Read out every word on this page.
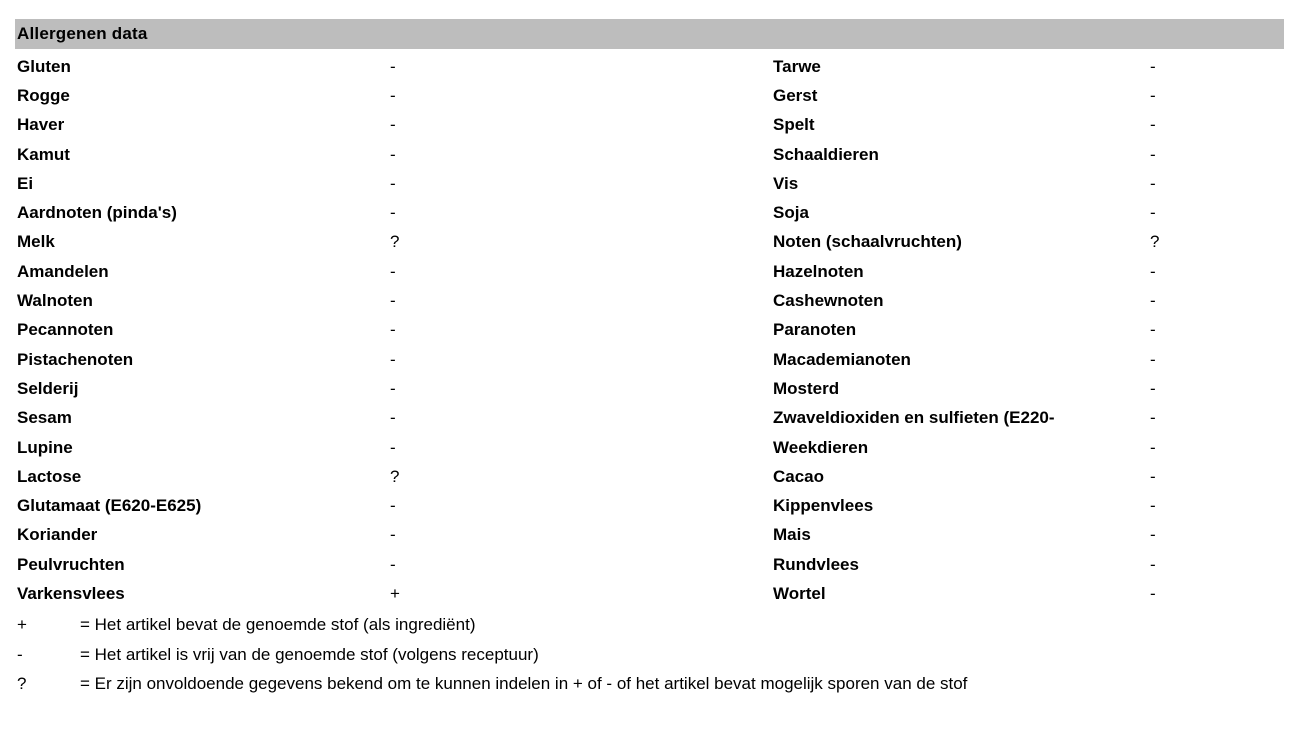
Allergenen data
Gluten	-	Tarwe	-
Rogge	-	Gerst	-
Haver	-	Spelt	-
Kamut	-	Schaaldieren	-
Ei	-	Vis	-
Aardnoten (pinda's)	-	Soja	-
Melk	?	Noten (schaalvruchten)	?
Amandelen	-	Hazelnoten	-
Walnoten	-	Cashewnoten	-
Pecannoten	-	Paranoten	-
Pistachenoten	-	Macademianoten	-
Selderij	-	Mosterd	-
Sesam	-	Zwaveldioxiden en sulfieten (E220-	-
Lupine	-	Weekdieren	-
Lactose	?	Cacao	-
Glutamaat (E620-E625)	-	Kippenvlees	-
Koriander	-	Mais	-
Peulvruchten	-	Rundvlees	-
Varkensvlees	+	Wortel	-
+	= Het artikel bevat de genoemde stof (als ingrediënt)
-	= Het artikel is vrij van de genoemde stof (volgens receptuur)
?	= Er zijn onvoldoende gegevens bekend om te kunnen indelen in + of - of het artikel bevat mogelijk sporen van de stof
